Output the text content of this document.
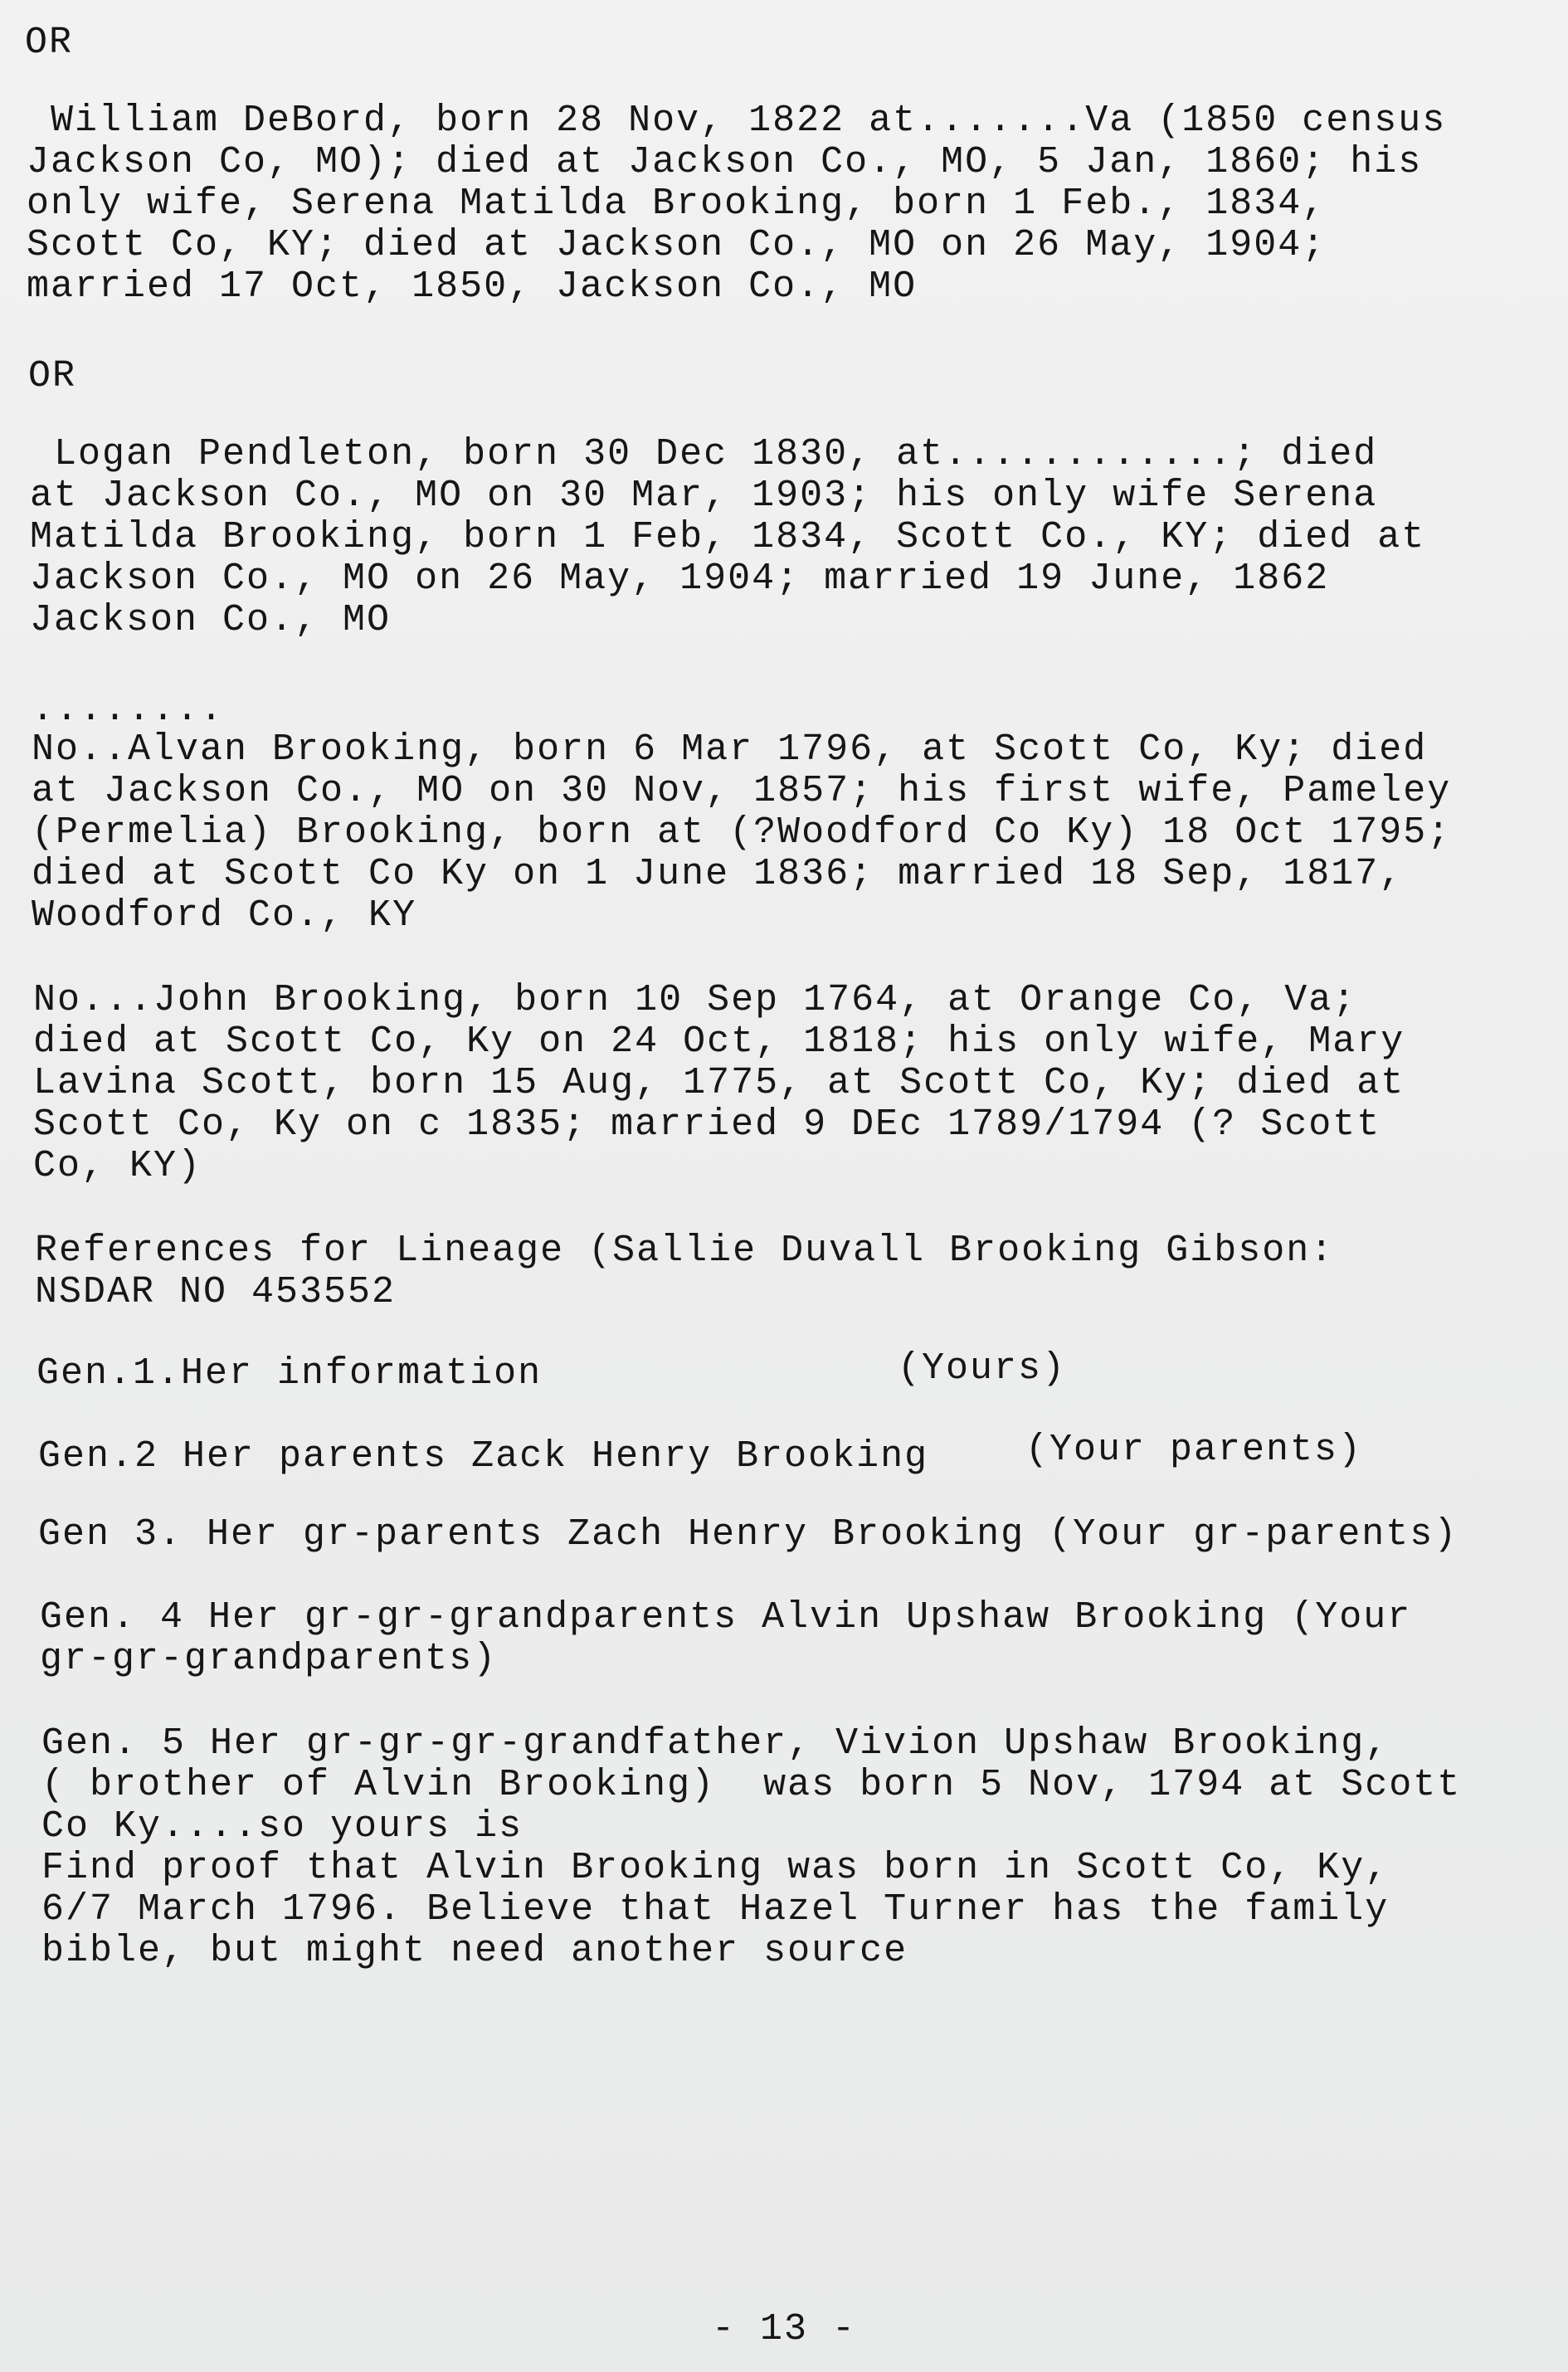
OR
William DeBord, born 28 Nov, 1822 at.......Va (1850 census
Jackson Co, MO); died at Jackson Co., MO, 5 Jan, 1860; his
only wife, Serena Matilda Brooking, born 1 Feb., 1834,
Scott Co, KY; died at Jackson Co., MO on 26 May, 1904;
married 17 Oct, 1850, Jackson Co., MO
OR
Logan Pendleton, born 30 Dec 1830, at............; died
at Jackson Co., MO on 30 Mar, 1903; his only wife Serena
Matilda Brooking, born 1 Feb, 1834, Scott Co., KY; died at
Jackson Co., MO on 26 May, 1904; married 19 June, 1862
Jackson Co., MO
........
No..Alvan Brooking, born 6 Mar 1796, at Scott Co, Ky; died
at Jackson Co., MO on 30 Nov, 1857; his first wife, Pameley
(Permelia) Brooking, born at (?Woodford Co Ky) 18 Oct 1795;
died at Scott Co Ky on 1 June 1836; married 18 Sep, 1817,
Woodford Co., KY
No...John Brooking, born 10 Sep 1764, at Orange Co, Va;
died at Scott Co, Ky on 24 Oct, 1818; his only wife, Mary
Lavina Scott, born 15 Aug, 1775, at Scott Co, Ky; died at
Scott Co, Ky on c 1835; married 9 DEc 1789/1794 (? Scott
Co, KY)
References for Lineage (Sallie Duvall Brooking Gibson:
NSDAR NO 453552
Gen.1.Her information	(Yours)
Gen.2 Her parents Zack Henry Brooking	(Your parents)
Gen 3. Her gr-parents Zach Henry Brooking (Your gr-parents)
Gen. 4 Her gr-gr-grandparents Alvin Upshaw Brooking (Your
gr-gr-grandparents)
Gen. 5 Her gr-gr-gr-grandfather, Vivion Upshaw Brooking,
( brother of Alvin Brooking)  was born 5 Nov, 1794 at Scott
Co Ky....so yours is
Find proof that Alvin Brooking was born in Scott Co, Ky,
6/7 March 1796. Believe that Hazel Turner has the family
bible, but might need another source
- 13 -
